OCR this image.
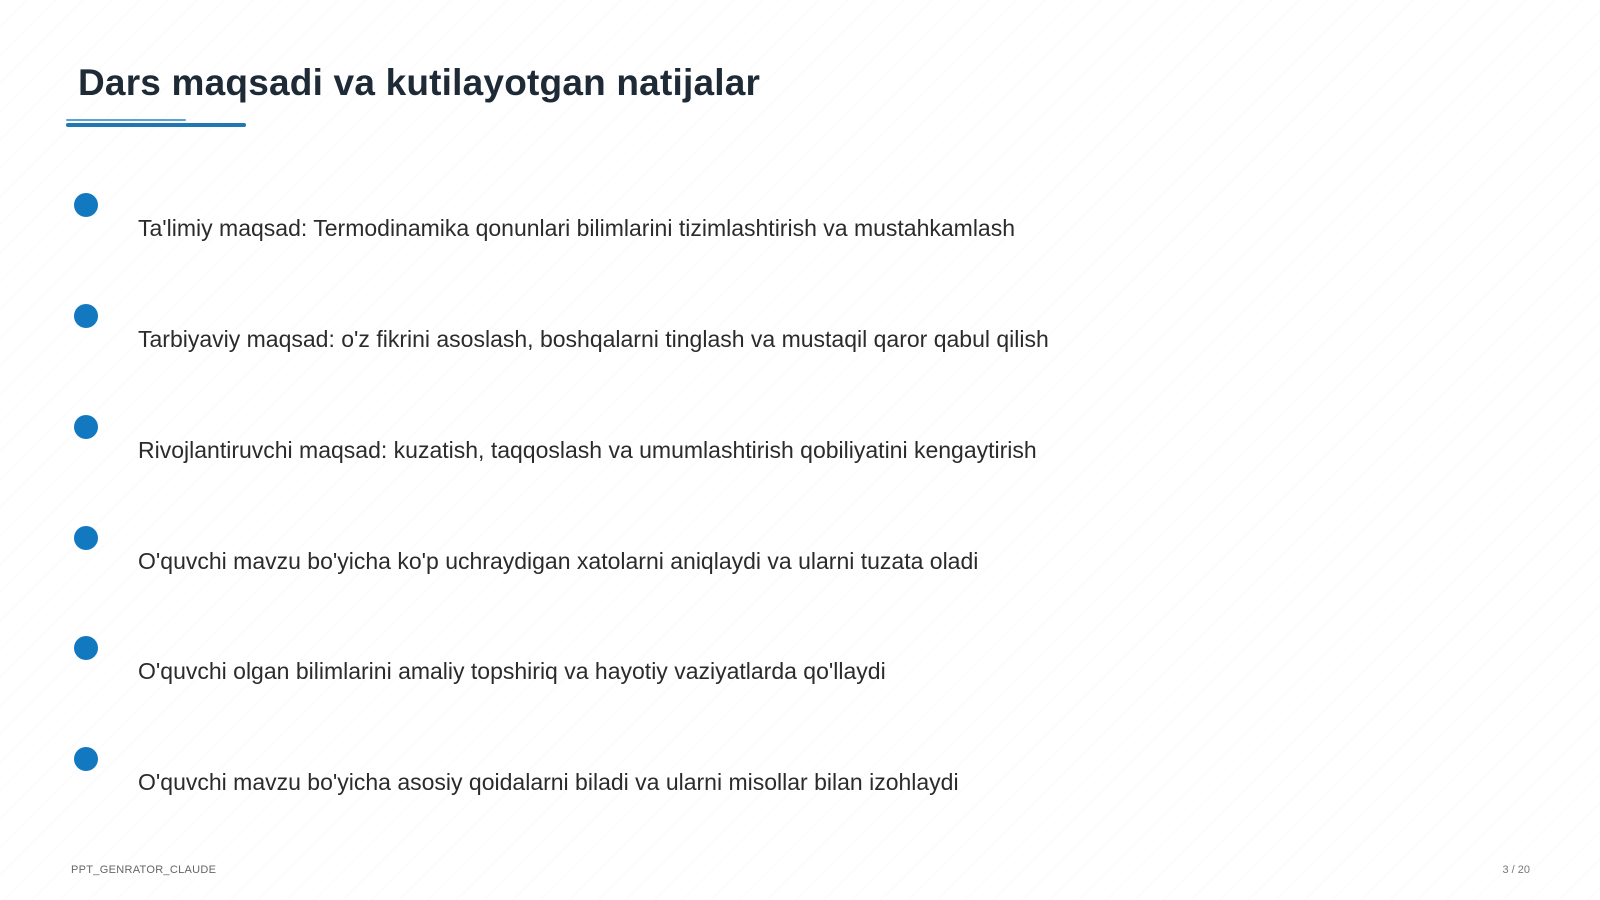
Dars maqsadi va kutilayotgan natijalar
Ta'limiy maqsad: Termodinamika qonunlari bilimlarini tizimlashtirish va mustahkamlash
Tarbiyaviy maqsad: o'z fikrini asoslash, boshqalarni tinglash va mustaqil qaror qabul qilish
Rivojlantiruvchi maqsad: kuzatish, taqqoslash va umumlashtirish qobiliyatini kengaytirish
O'quvchi mavzu bo'yicha ko'p uchraydigan xatolarni aniqlaydi va ularni tuzata oladi
O'quvchi olgan bilimlarini amaliy topshiriq va hayotiy vaziyatlarda qo'llaydi
O'quvchi mavzu bo'yicha asosiy qoidalarni biladi va ularni misollar bilan izohlaydi
PPT_GENRATOR_CLAUDE	3 / 20
